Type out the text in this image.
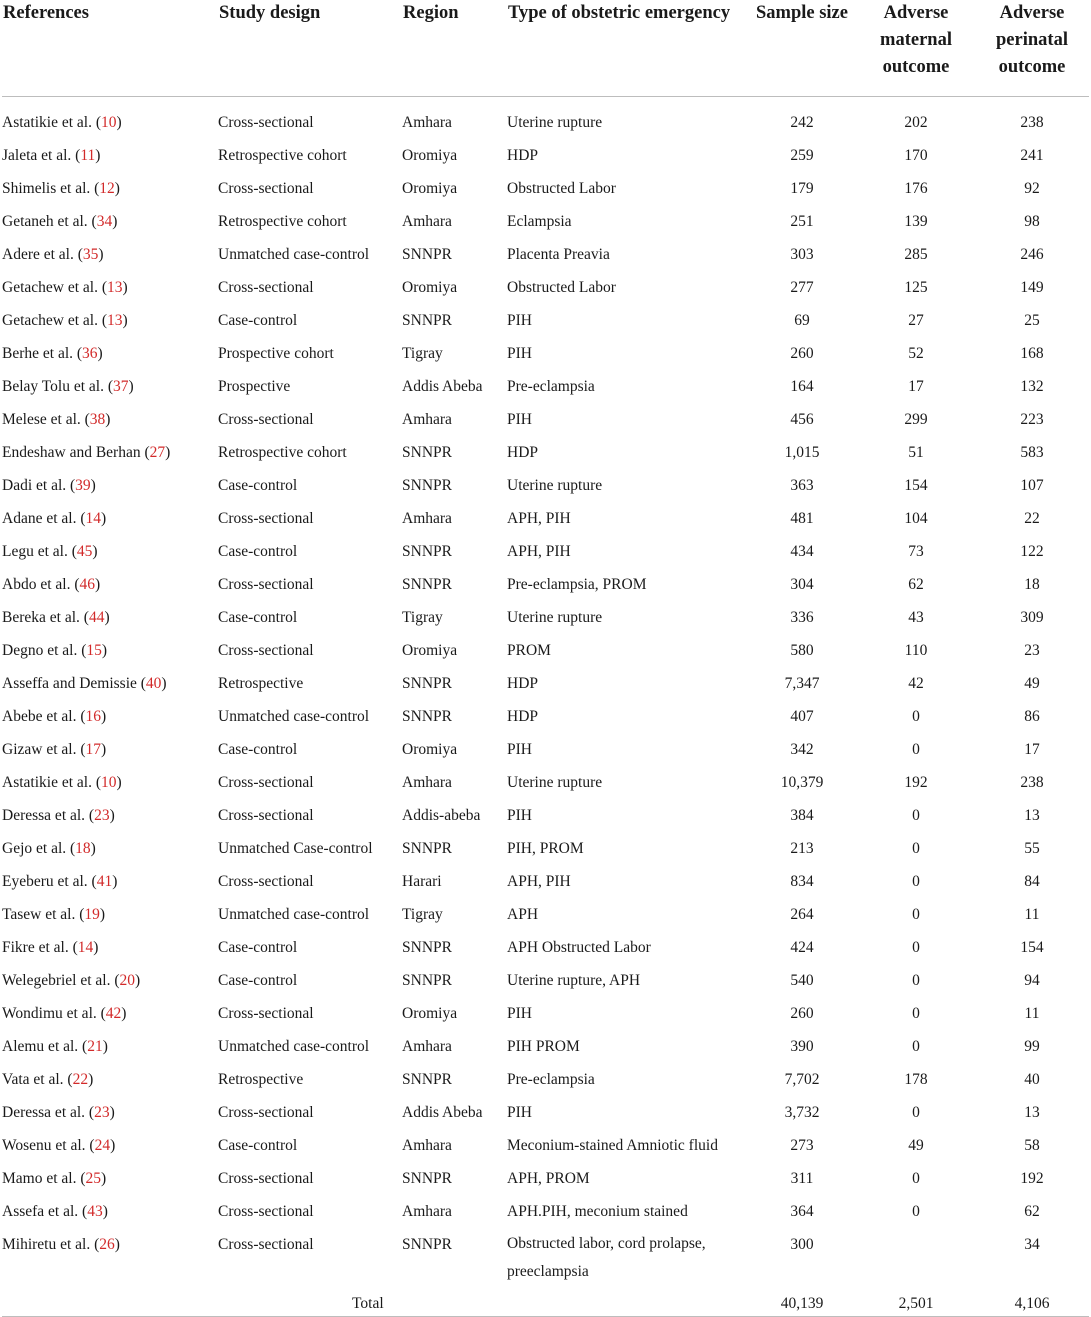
References	Study design	Region	Type of obstetric emergency	Sample size	Adverse maternal outcome	Adverse perinatal outcome
Astatikie et al. (10)	Cross-sectional	Amhara	Uterine rupture	242	202	238
Jaleta et al. (11)	Retrospective cohort	Oromiya	HDP	259	170	241
Shimelis et al. (12)	Cross-sectional	Oromiya	Obstructed Labor	179	176	92
Getaneh et al. (34)	Retrospective cohort	Amhara	Eclampsia	251	139	98
Adere et al. (35)	Unmatched case-control	SNNPR	Placenta Preavia	303	285	246
Getachew et al. (13)	Cross-sectional	Oromiya	Obstructed Labor	277	125	149
Getachew et al. (13)	Case-control	SNNPR	PIH	69	27	25
Berhe et al. (36)	Prospective cohort	Tigray	PIH	260	52	168
Belay Tolu et al. (37)	Prospective	Addis Abeba	Pre-eclampsia	164	17	132
Melese et al. (38)	Cross-sectional	Amhara	PIH	456	299	223
Endeshaw and Berhan (27)	Retrospective cohort	SNNPR	HDP	1,015	51	583
Dadi et al. (39)	Case-control	SNNPR	Uterine rupture	363	154	107
Adane et al. (14)	Cross-sectional	Amhara	APH, PIH	481	104	22
Legu et al. (45)	Case-control	SNNPR	APH, PIH	434	73	122
Abdo et al. (46)	Cross-sectional	SNNPR	Pre-eclampsia, PROM	304	62	18
Bereka et al. (44)	Case-control	Tigray	Uterine rupture	336	43	309
Degno et al. (15)	Cross-sectional	Oromiya	PROM	580	110	23
Asseffa and Demissie (40)	Retrospective	SNNPR	HDP	7,347	42	49
Abebe et al. (16)	Unmatched case-control	SNNPR	HDP	407	0	86
Gizaw et al. (17)	Case-control	Oromiya	PIH	342	0	17
Astatikie et al. (10)	Cross-sectional	Amhara	Uterine rupture	10,379	192	238
Deressa et al. (23)	Cross-sectional	Addis-abeba	PIH	384	0	13
Gejo et al. (18)	Unmatched Case-control	SNNPR	PIH, PROM	213	0	55
Eyeberu et al. (41)	Cross-sectional	Harari	APH, PIH	834	0	84
Tasew et al. (19)	Unmatched case-control	Tigray	APH	264	0	11
Fikre et al. (14)	Case-control	SNNPR	APH Obstructed Labor	424	0	154
Welegebriel et al. (20)	Case-control	SNNPR	Uterine rupture, APH	540	0	94
Wondimu et al. (42)	Cross-sectional	Oromiya	PIH	260	0	11
Alemu et al. (21)	Unmatched case-control	Amhara	PIH PROM	390	0	99
Vata et al. (22)	Retrospective	SNNPR	Pre-eclampsia	7,702	178	40
Deressa et al. (23)	Cross-sectional	Addis Abeba	PIH	3,732	0	13
Wosenu et al. (24)	Case-control	Amhara	Meconium-stained Amniotic fluid	273	49	58
Mamo et al. (25)	Cross-sectional	SNNPR	APH, PROM	311	0	192
Assefa et al. (43)	Cross-sectional	Amhara	APH.PIH, meconium stained	364	0	62
Mihiretu et al. (26)	Cross-sectional	SNNPR	Obstructed labor, cord prolapse, preeclampsia	300		34
Total				40,139	2,501	4,106
